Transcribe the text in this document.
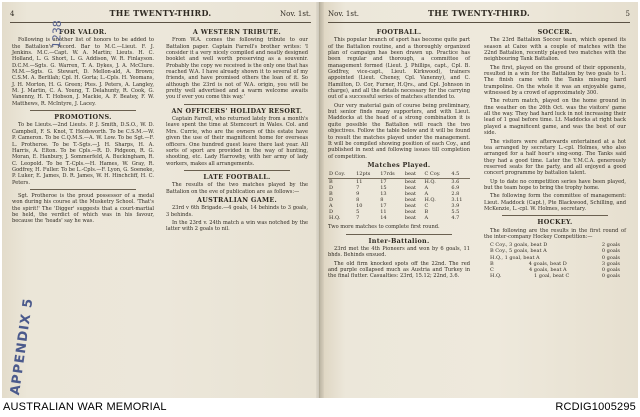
4	THE TWENTY-THIRD.	Nov. 1st.
FOR VALOR.

Following is another list of honors to be added to the Battalion's record. Bar to M.C.—Lieut. F. J. Jenkins. M.C.—Capt. W. A. Martin; Lieuts. H. C. Holland, L. G. Short, L. G. Addison, W. R. Finlayson. D.C.M.—Sgts. G. Warren, T. A. Dykes, J. A. McClure. M.M.—Sgts. G. Stewart, D. Mellon-ald, A. Brown; C.S.M. A. Berlilah; Cpl. H. Gorta; L.-Cpls. H. Yeomans, J. H. Morton, H. G. Green; Ptes. J. Peters, A. Langley, M. J. Martin, C. A. Young, T. Delahunty, R. Cook, G. Vanenny, H. T. Hobson, J. Mackie, A. F. Beatey, F. W. Matthews, R. McIntyre, J. Lacey.

PROMOTIONS.

To be Lieuts.—2nd Lieuts. P. J. Smith, D.S.O., W. D. Campbell, F. S. Knot, T. Holdsworth. To be C.S.M.—W. P. Cameron. To be C.Q.M.S.—A. W. Low. To be Sgt.—F. L. Protheroe. To be T.-Sgts.—J. H. Sharps, H. A. Harris, A. Elton. To be Cpls.—R. D. Pidgeon, R. G. Moran, E. Hanbury, J. Sommerfeld, A. Buckingham, R. C. Leopold. To be T.-Cpls.—H. Hames, W. Gray, R. Godfrey, H. Fuller. To be L.-Cpls.—F. Lyon, G. Soeneke, P. Luker, E. James, D. R. James, W. H. Hinchcliff, H. C. Peters.

Sgt. Protheroe is the proud possessor of a medal won during his course at the Musketry School. 'That's the spirit!' The 'Digger' suggests that a court-martial be held, the verdict of which was in his favour, because the 'heads' say he was.

A WESTERN TRIBUTE.

From W.A. comes the following tribute to our Battalion paper. Captain Farrell's brother writes: 'I consider it a very nicely compiled and neatly designed booklet and well worth preserving as a souvenir. Probably the copy we received is the only one that has reached W.A. I have already shown it to several of my friends, and have promised others the loan of it. So although the 23rd is not of W.A. origin, you will be pretty well advertised and a warm welcome awaits you if ever you come this way.'

AN OFFICERS' HOLIDAY RESORT.

Captain Farrell, who returned lately from a month's leave spent the time at Stemcourt in Wales. Col. and Mrs. Currie, who are the owners of this estate have given the use of their magnificent home for overseas officers. One hundred guest leave there last year. All sorts of sport are provided in the way of hunting, shooting, etc. Lady Harrowby, with her army of lady workers, makes all arrangements.

LATE FOOTBALL.

The results of the two matches played by the Battalion on the eve of publication are as follows:—

AUSTRALIAN GAME.

23rd v 6th Brigade.—4 goals, 14 behinds to 3 goals, 3 behinds.

In the 23rd v. 24th match a win was notched by the latter with 2 goals to nil.

1238
APPENDIX 5
Nov. 1st.	THE TWENTY-THIRD.	5
FOOTBALL.

This popular branch of sport has become quite part of the Battalion routine, and a thoroughly organized plan of campaign has been drawn up. Practice has been regular and thorough, a committee of management formed (Lieut. J. Phillips, capt., Cpl. B. Godfrey, vice-capt., Lieut. Kirkwood), trainers appointed (Lieut. Cheney, Cpl. Vanenny), and C. Hamilton, D. Cor, Furner, H.Qrs., and Cpl. Johnson in charge), and all the details necessary for the carrying out of a successful series of matches attended to.

Our very material gain of course being preliminary, but senior finds many supporters, and with Lieut. Maddocks at the head of a strong combination it is quite possible the Battalion will reach the two objectives. Follow the table below and it will be found to result the matches played under the management. It will be compiled showing position of each Coy., and published in next and following issues till completion of competition.

Matches Played.
D Coy.	12pts	17rds	beat	C Coy.	4.5
B	11	17	beat	H.Q.	3.6
D	7	15	beat	A	6.9
B	9	13	beat	A	2.8
D	8	8	beat	H.Q.	3.11
A	10	17	beat	C	3.9
D	5	11	beat	B	5.5
H.Q.	7	14	beat	A	4.7

Two more matches to complete first round.

Inter-Battalion.

23rd met the 4th Pioneers and won by 6 goals, 11 bhds. Behinds ensued.

The old firm knocked spots off the 22nd. The red and purple collapsed much as Austria and Turkey in the final flutter. Casualties: 23rd, 15.12; 22nd, 3.6.

SOCCER.

The 23rd Battalion Soccer team, which opened its season at Caixe with a couple of matches with the 22nd Battalion, recently played two matches with the neighbouring Tank Battalion.

The first, played on the ground of their opponents, resulted in a win for the Battalion by two goals to 1. The finish came with the Tanks missing hard trampoline. On the whole it was an enjoyable game, witnessed by a crowd of approximately 300.

The return match, played on the home ground in fine weather on the 26th Oct. was the visitors' game all the way. They had hard luck in not increasing their lead of 1 goal before time. Lt. Maddocks at right back played a magnificent game, and was the best of our side.

The visitors were afterwards entertained at a hot tea arranged by secretary L.-cpl. Holmes, who also arranged for a half hour's sing-song. The Tanks said they had a good time. Later the Y.M.C.A. generously reserved seats for the party, and all enjoyed a good concert programme by battalion talent.

Up to date no competition series have been played, but the team hope to bring the trophy home.

The following form the committee of management: Lieut. Maddock (Capt.), Pte Blackwood, Schilling, and McKenzie, L.-cpl. W. Holmes, secretary.

HOCKEY.

The following are the results in the first round of the inter-company Hockey Competition:—

C Coy., 3 goals, beat D	2 goals
B Coy., 5 goals, beat A	0 goals
H.Q., 1 goal, beat A	0 goals
B	4 goals, beat D	3 goals
C	4 goals, beat A	0 goals
H.Q.	1 goal, beat C	0 goals
AUSTRALIAN WAR MEMORIAL	RCDIG1005295
